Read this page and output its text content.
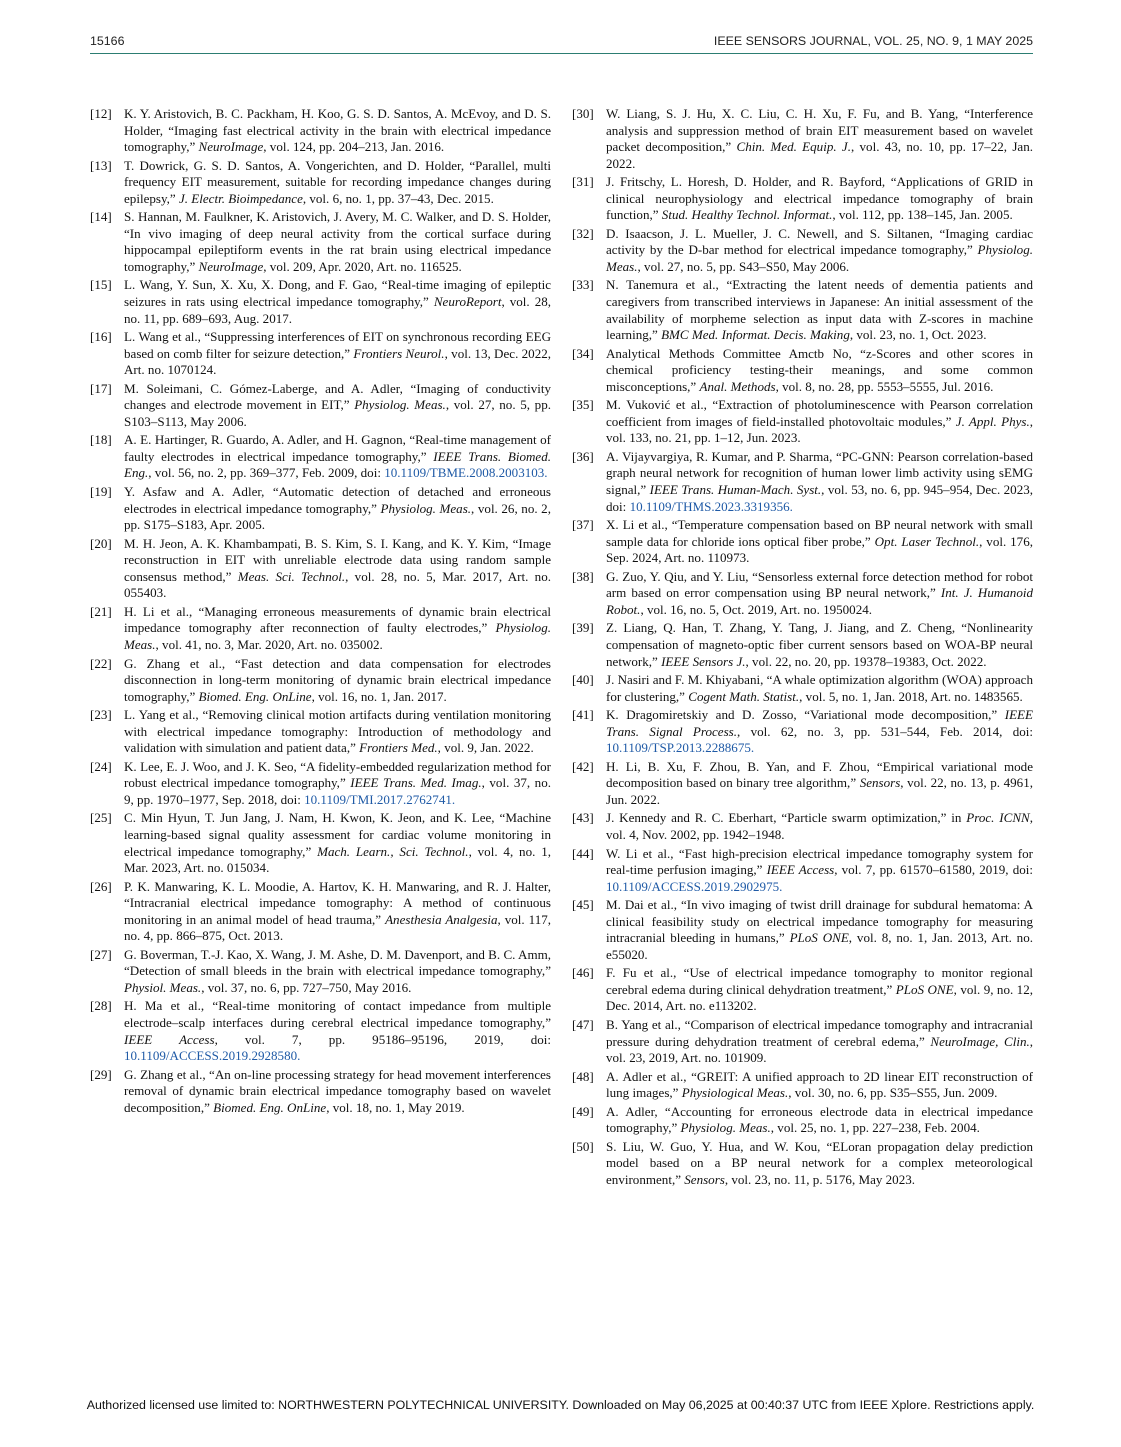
15166	IEEE SENSORS JOURNAL, VOL. 25, NO. 9, 1 MAY 2025
[12] K. Y. Aristovich, B. C. Packham, H. Koo, G. S. D. Santos, A. McEvoy, and D. S. Holder, “Imaging fast electrical activity in the brain with electrical impedance tomography,” NeuroImage, vol. 124, pp. 204–213, Jan. 2016.
[13] T. Dowrick, G. S. D. Santos, A. Vongerichten, and D. Holder, “Parallel, multi frequency EIT measurement, suitable for recording impedance changes during epilepsy,” J. Electr. Bioimpedance, vol. 6, no. 1, pp. 37–43, Dec. 2015.
[14] S. Hannan, M. Faulkner, K. Aristovich, J. Avery, M. C. Walker, and D. S. Holder, “In vivo imaging of deep neural activity from the cortical surface during hippocampal epileptiform events in the rat brain using electrical impedance tomography,” NeuroImage, vol. 209, Apr. 2020, Art. no. 116525.
[15] L. Wang, Y. Sun, X. Xu, X. Dong, and F. Gao, “Real-time imaging of epileptic seizures in rats using electrical impedance tomography,” NeuroReport, vol. 28, no. 11, pp. 689–693, Aug. 2017.
[16] L. Wang et al., “Suppressing interferences of EIT on synchronous recording EEG based on comb filter for seizure detection,” Frontiers Neurol., vol. 13, Dec. 2022, Art. no. 1070124.
[17] M. Soleimani, C. Gómez-Laberge, and A. Adler, “Imaging of conductivity changes and electrode movement in EIT,” Physiolog. Meas., vol. 27, no. 5, pp. S103–S113, May 2006.
[18] A. E. Hartinger, R. Guardo, A. Adler, and H. Gagnon, “Real-time management of faulty electrodes in electrical impedance tomography,” IEEE Trans. Biomed. Eng., vol. 56, no. 2, pp. 369–377, Feb. 2009, doi: 10.1109/TBME.2008.2003103.
[19] Y. Asfaw and A. Adler, “Automatic detection of detached and erroneous electrodes in electrical impedance tomography,” Physiolog. Meas., vol. 26, no. 2, pp. S175–S183, Apr. 2005.
[20] M. H. Jeon, A. K. Khambampati, B. S. Kim, S. I. Kang, and K. Y. Kim, “Image reconstruction in EIT with unreliable electrode data using random sample consensus method,” Meas. Sci. Technol., vol. 28, no. 5, Mar. 2017, Art. no. 055403.
[21] H. Li et al., “Managing erroneous measurements of dynamic brain electrical impedance tomography after reconnection of faulty electrodes,” Physiolog. Meas., vol. 41, no. 3, Mar. 2020, Art. no. 035002.
[22] G. Zhang et al., “Fast detection and data compensation for electrodes disconnection in long-term monitoring of dynamic brain electrical impedance tomography,” Biomed. Eng. OnLine, vol. 16, no. 1, Jan. 2017.
[23] L. Yang et al., “Removing clinical motion artifacts during ventilation monitoring with electrical impedance tomography: Introduction of methodology and validation with simulation and patient data,” Frontiers Med., vol. 9, Jan. 2022.
[24] K. Lee, E. J. Woo, and J. K. Seo, “A fidelity-embedded regularization method for robust electrical impedance tomography,” IEEE Trans. Med. Imag., vol. 37, no. 9, pp. 1970–1977, Sep. 2018, doi: 10.1109/TMI.2017.2762741.
[25] C. Min Hyun, T. Jun Jang, J. Nam, H. Kwon, K. Jeon, and K. Lee, “Machine learning-based signal quality assessment for cardiac volume monitoring in electrical impedance tomography,” Mach. Learn., Sci. Technol., vol. 4, no. 1, Mar. 2023, Art. no. 015034.
[26] P. K. Manwaring, K. L. Moodie, A. Hartov, K. H. Manwaring, and R. J. Halter, “Intracranial electrical impedance tomography: A method of continuous monitoring in an animal model of head trauma,” Anesthesia Analgesia, vol. 117, no. 4, pp. 866–875, Oct. 2013.
[27] G. Boverman, T.-J. Kao, X. Wang, J. M. Ashe, D. M. Davenport, and B. C. Amm, “Detection of small bleeds in the brain with electrical impedance tomography,” Physiol. Meas., vol. 37, no. 6, pp. 727–750, May 2016.
[28] H. Ma et al., “Real-time monitoring of contact impedance from multiple electrode–scalp interfaces during cerebral electrical impedance tomography,” IEEE Access, vol. 7, pp. 95186–95196, 2019, doi: 10.1109/ACCESS.2019.2928580.
[29] G. Zhang et al., “An on-line processing strategy for head movement interferences removal of dynamic brain electrical impedance tomography based on wavelet decomposition,” Biomed. Eng. OnLine, vol. 18, no. 1, May 2019.
[30] W. Liang, S. J. Hu, X. C. Liu, C. H. Xu, F. Fu, and B. Yang, “Interference analysis and suppression method of brain EIT measurement based on wavelet packet decomposition,” Chin. Med. Equip. J., vol. 43, no. 10, pp. 17–22, Jan. 2022.
[31] J. Fritschy, L. Horesh, D. Holder, and R. Bayford, “Applications of GRID in clinical neurophysiology and electrical impedance tomography of brain function,” Stud. Healthy Technol. Informat., vol. 112, pp. 138–145, Jan. 2005.
[32] D. Isaacson, J. L. Mueller, J. C. Newell, and S. Siltanen, “Imaging cardiac activity by the D-bar method for electrical impedance tomography,” Physiolog. Meas., vol. 27, no. 5, pp. S43–S50, May 2006.
[33] N. Tanemura et al., “Extracting the latent needs of dementia patients and caregivers from transcribed interviews in Japanese: An initial assessment of the availability of morpheme selection as input data with Z-scores in machine learning,” BMC Med. Informat. Decis. Making, vol. 23, no. 1, Oct. 2023.
[34] Analytical Methods Committee Amctb No, “z-Scores and other scores in chemical proficiency testing-their meanings, and some common misconceptions,” Anal. Methods, vol. 8, no. 28, pp. 5553–5555, Jul. 2016.
[35] M. Vuković et al., “Extraction of photoluminescence with Pearson correlation coefficient from images of field-installed photovoltaic modules,” J. Appl. Phys., vol. 133, no. 21, pp. 1–12, Jun. 2023.
[36] A. Vijayvargiya, R. Kumar, and P. Sharma, “PC-GNN: Pearson correlation-based graph neural network for recognition of human lower limb activity using sEMG signal,” IEEE Trans. Human-Mach. Syst., vol. 53, no. 6, pp. 945–954, Dec. 2023, doi: 10.1109/THMS.2023.3319356.
[37] X. Li et al., “Temperature compensation based on BP neural network with small sample data for chloride ions optical fiber probe,” Opt. Laser Technol., vol. 176, Sep. 2024, Art. no. 110973.
[38] G. Zuo, Y. Qiu, and Y. Liu, “Sensorless external force detection method for robot arm based on error compensation using BP neural network,” Int. J. Humanoid Robot., vol. 16, no. 5, Oct. 2019, Art. no. 1950024.
[39] Z. Liang, Q. Han, T. Zhang, Y. Tang, J. Jiang, and Z. Cheng, “Nonlinearity compensation of magneto-optic fiber current sensors based on WOA-BP neural network,” IEEE Sensors J., vol. 22, no. 20, pp. 19378–19383, Oct. 2022.
[40] J. Nasiri and F. M. Khiyabani, “A whale optimization algorithm (WOA) approach for clustering,” Cogent Math. Statist., vol. 5, no. 1, Jan. 2018, Art. no. 1483565.
[41] K. Dragomiretskiy and D. Zosso, “Variational mode decomposition,” IEEE Trans. Signal Process., vol. 62, no. 3, pp. 531–544, Feb. 2014, doi: 10.1109/TSP.2013.2288675.
[42] H. Li, B. Xu, F. Zhou, B. Yan, and F. Zhou, “Empirical variational mode decomposition based on binary tree algorithm,” Sensors, vol. 22, no. 13, p. 4961, Jun. 2022.
[43] J. Kennedy and R. C. Eberhart, “Particle swarm optimization,” in Proc. ICNN, vol. 4, Nov. 2002, pp. 1942–1948.
[44] W. Li et al., “Fast high-precision electrical impedance tomography system for real-time perfusion imaging,” IEEE Access, vol. 7, pp. 61570–61580, 2019, doi: 10.1109/ACCESS.2019.2902975.
[45] M. Dai et al., “In vivo imaging of twist drill drainage for subdural hematoma: A clinical feasibility study on electrical impedance tomography for measuring intracranial bleeding in humans,” PLoS ONE, vol. 8, no. 1, Jan. 2013, Art. no. e55020.
[46] F. Fu et al., “Use of electrical impedance tomography to monitor regional cerebral edema during clinical dehydration treatment,” PLoS ONE, vol. 9, no. 12, Dec. 2014, Art. no. e113202.
[47] B. Yang et al., “Comparison of electrical impedance tomography and intracranial pressure during dehydration treatment of cerebral edema,” NeuroImage, Clin., vol. 23, 2019, Art. no. 101909.
[48] A. Adler et al., “GREIT: A unified approach to 2D linear EIT reconstruction of lung images,” Physiological Meas., vol. 30, no. 6, pp. S35–S55, Jun. 2009.
[49] A. Adler, “Accounting for erroneous electrode data in electrical impedance tomography,” Physiolog. Meas., vol. 25, no. 1, pp. 227–238, Feb. 2004.
[50] S. Liu, W. Guo, Y. Hua, and W. Kou, “ELoran propagation delay prediction model based on a BP neural network for a complex meteorological environment,” Sensors, vol. 23, no. 11, p. 5176, May 2023.
Authorized licensed use limited to: NORTHWESTERN POLYTECHNICAL UNIVERSITY. Downloaded on May 06,2025 at 00:40:37 UTC from IEEE Xplore. Restrictions apply.
